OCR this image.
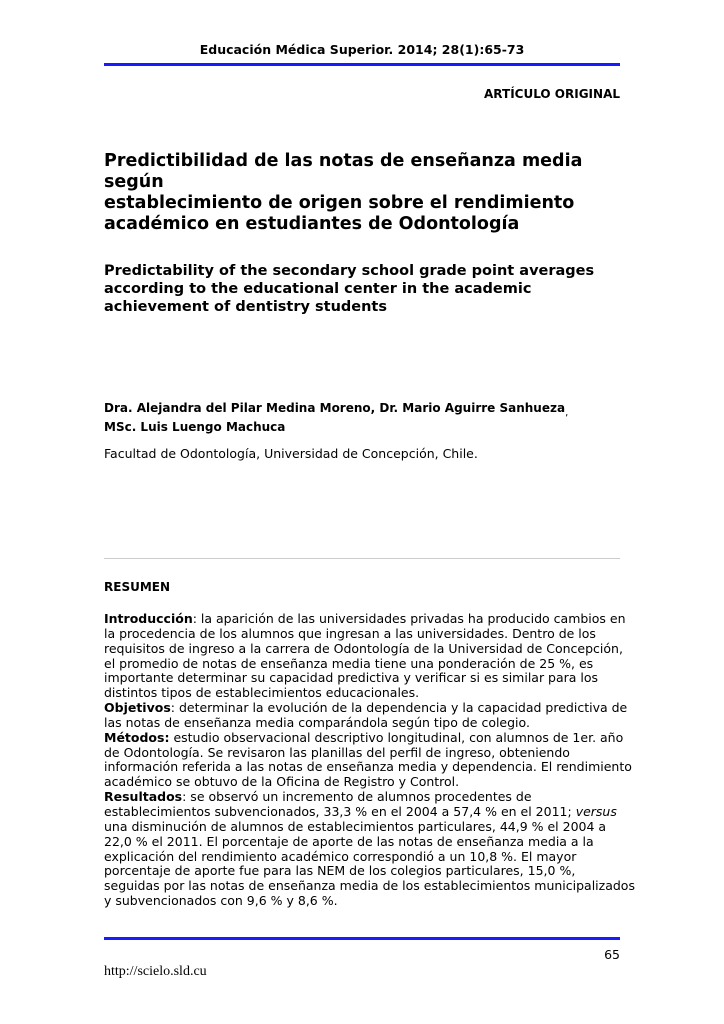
Educación Médica Superior. 2014; 28(1):65-73
ARTÍCULO ORIGINAL
Predictibilidad de las notas de enseñanza media según
establecimiento de origen sobre el rendimiento
académico en estudiantes de Odontología
Predictability of the secondary school grade point averages
according to the educational center in the academic
achievement of dentistry students
Dra. Alejandra del Pilar Medina Moreno, Dr. Mario Aguirre Sanhueza$_,$
MSc. Luis Luengo Machuca
Facultad de Odontología, Universidad de Concepción, Chile.
RESUMEN
Introducción: la aparición de las universidades privadas ha producido cambios en
la procedencia de los alumnos que ingresan a las universidades. Dentro de los
requisitos de ingreso a la carrera de Odontología de la Universidad de Concepción,
el promedio de notas de enseñanza media tiene una ponderación de 25 %, es
importante determinar su capacidad predictiva y verificar si es similar para los
distintos tipos de establecimientos educacionales.
Objetivos: determinar la evolución de la dependencia y la capacidad predictiva de
las notas de enseñanza media comparándola según tipo de colegio.
Métodos: estudio observacional descriptivo longitudinal, con alumnos de 1er. año
de Odontología. Se revisaron las planillas del perfil de ingreso, obteniendo
información referida a las notas de enseñanza media y dependencia. El rendimiento
académico se obtuvo de la Oficina de Registro y Control.
Resultados: se observó un incremento de alumnos procedentes de
establecimientos subvencionados, 33,3 % en el 2004 a 57,4 % en el 2011; versus
una disminución de alumnos de establecimientos particulares, 44,9 % el 2004 a
22,0 % el 2011. El porcentaje de aporte de las notas de enseñanza media a la
explicación del rendimiento académico correspondió a un 10,8 %. El mayor
porcentaje de aporte fue para las NEM de los colegios particulares, 15,0 %,
seguidas por las notas de enseñanza media de los establecimientos municipalizados
y subvencionados con 9,6 % y 8,6 %.
65
http://scielo.sld.cu
